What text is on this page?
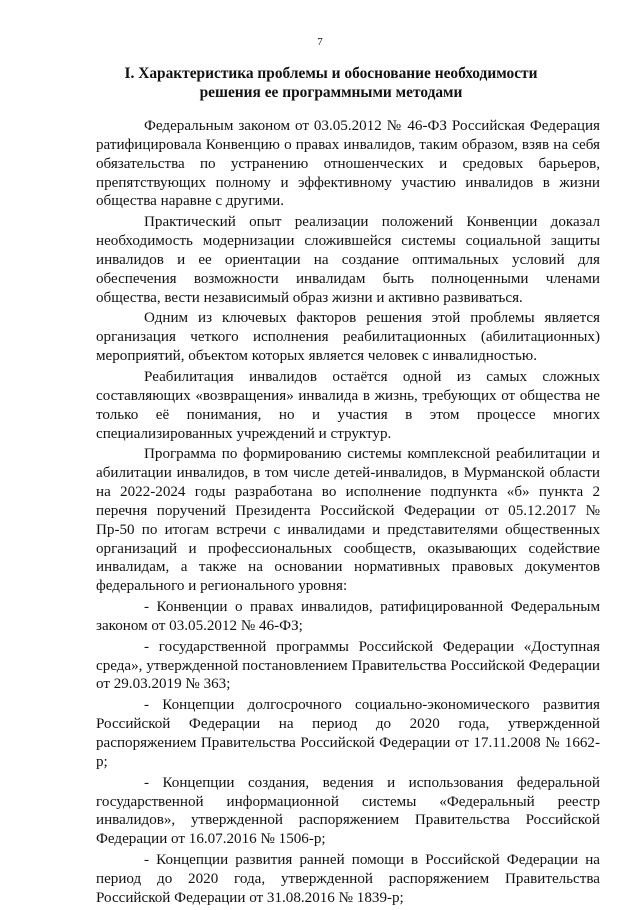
7
I. Характеристика проблемы и обоснование необходимости
решения ее программными методами

Федеральным законом от 03.05.2012 № 46-ФЗ Российская Федерация ратифицировала Конвенцию о правах инвалидов, таким образом, взяв на себя обязательства по устранению отношенческих и средовых барьеров, препятствующих полному и эффективному участию инвалидов в жизни общества наравне с другими.

Практический опыт реализации положений Конвенции доказал необходимость модернизации сложившейся системы социальной защиты инвалидов и ее ориентации на создание оптимальных условий для обеспечения возможности инвалидам быть полноценными членами общества, вести независимый образ жизни и активно развиваться.

Одним из ключевых факторов решения этой проблемы является организация четкого исполнения реабилитационных (абилитационных) мероприятий, объектом которых является человек с инвалидностью.

Реабилитация инвалидов остаётся одной из самых сложных составляющих «возвращения» инвалида в жизнь, требующих от общества не только её понимания, но и участия в этом процессе многих специализированных учреждений и структур.

Программа по формированию системы комплексной реабилитации и абилитации инвалидов, в том числе детей-инвалидов, в Мурманской области на 2022-2024 годы разработана во исполнение подпункта «б» пункта 2 перечня поручений Президента Российской Федерации от 05.12.2017 № Пр-50 по итогам встречи с инвалидами и представителями общественных организаций и профессиональных сообществ, оказывающих содействие инвалидам, а также на основании нормативных правовых документов федерального и регионального уровня:

- Конвенции о правах инвалидов, ратифицированной Федеральным законом от 03.05.2012 № 46-ФЗ;

- государственной программы Российской Федерации «Доступная среда», утвержденной постановлением Правительства Российской Федерации от 29.03.2019 № 363;

- Концепции долгосрочного социально-экономического развития Российской Федерации на период до 2020 года, утвержденной распоряжением Правительства Российской Федерации от 17.11.2008 № 1662-р;

- Концепции создания, ведения и использования федеральной государственной информационной системы «Федеральный реестр инвалидов», утвержденной распоряжением Правительства Российской Федерации от 16.07.2016 № 1506-р;

- Концепции развития ранней помощи в Российской Федерации на период до 2020 года, утвержденной распоряжением Правительства Российской Федерации от 31.08.2016 № 1839-р;
